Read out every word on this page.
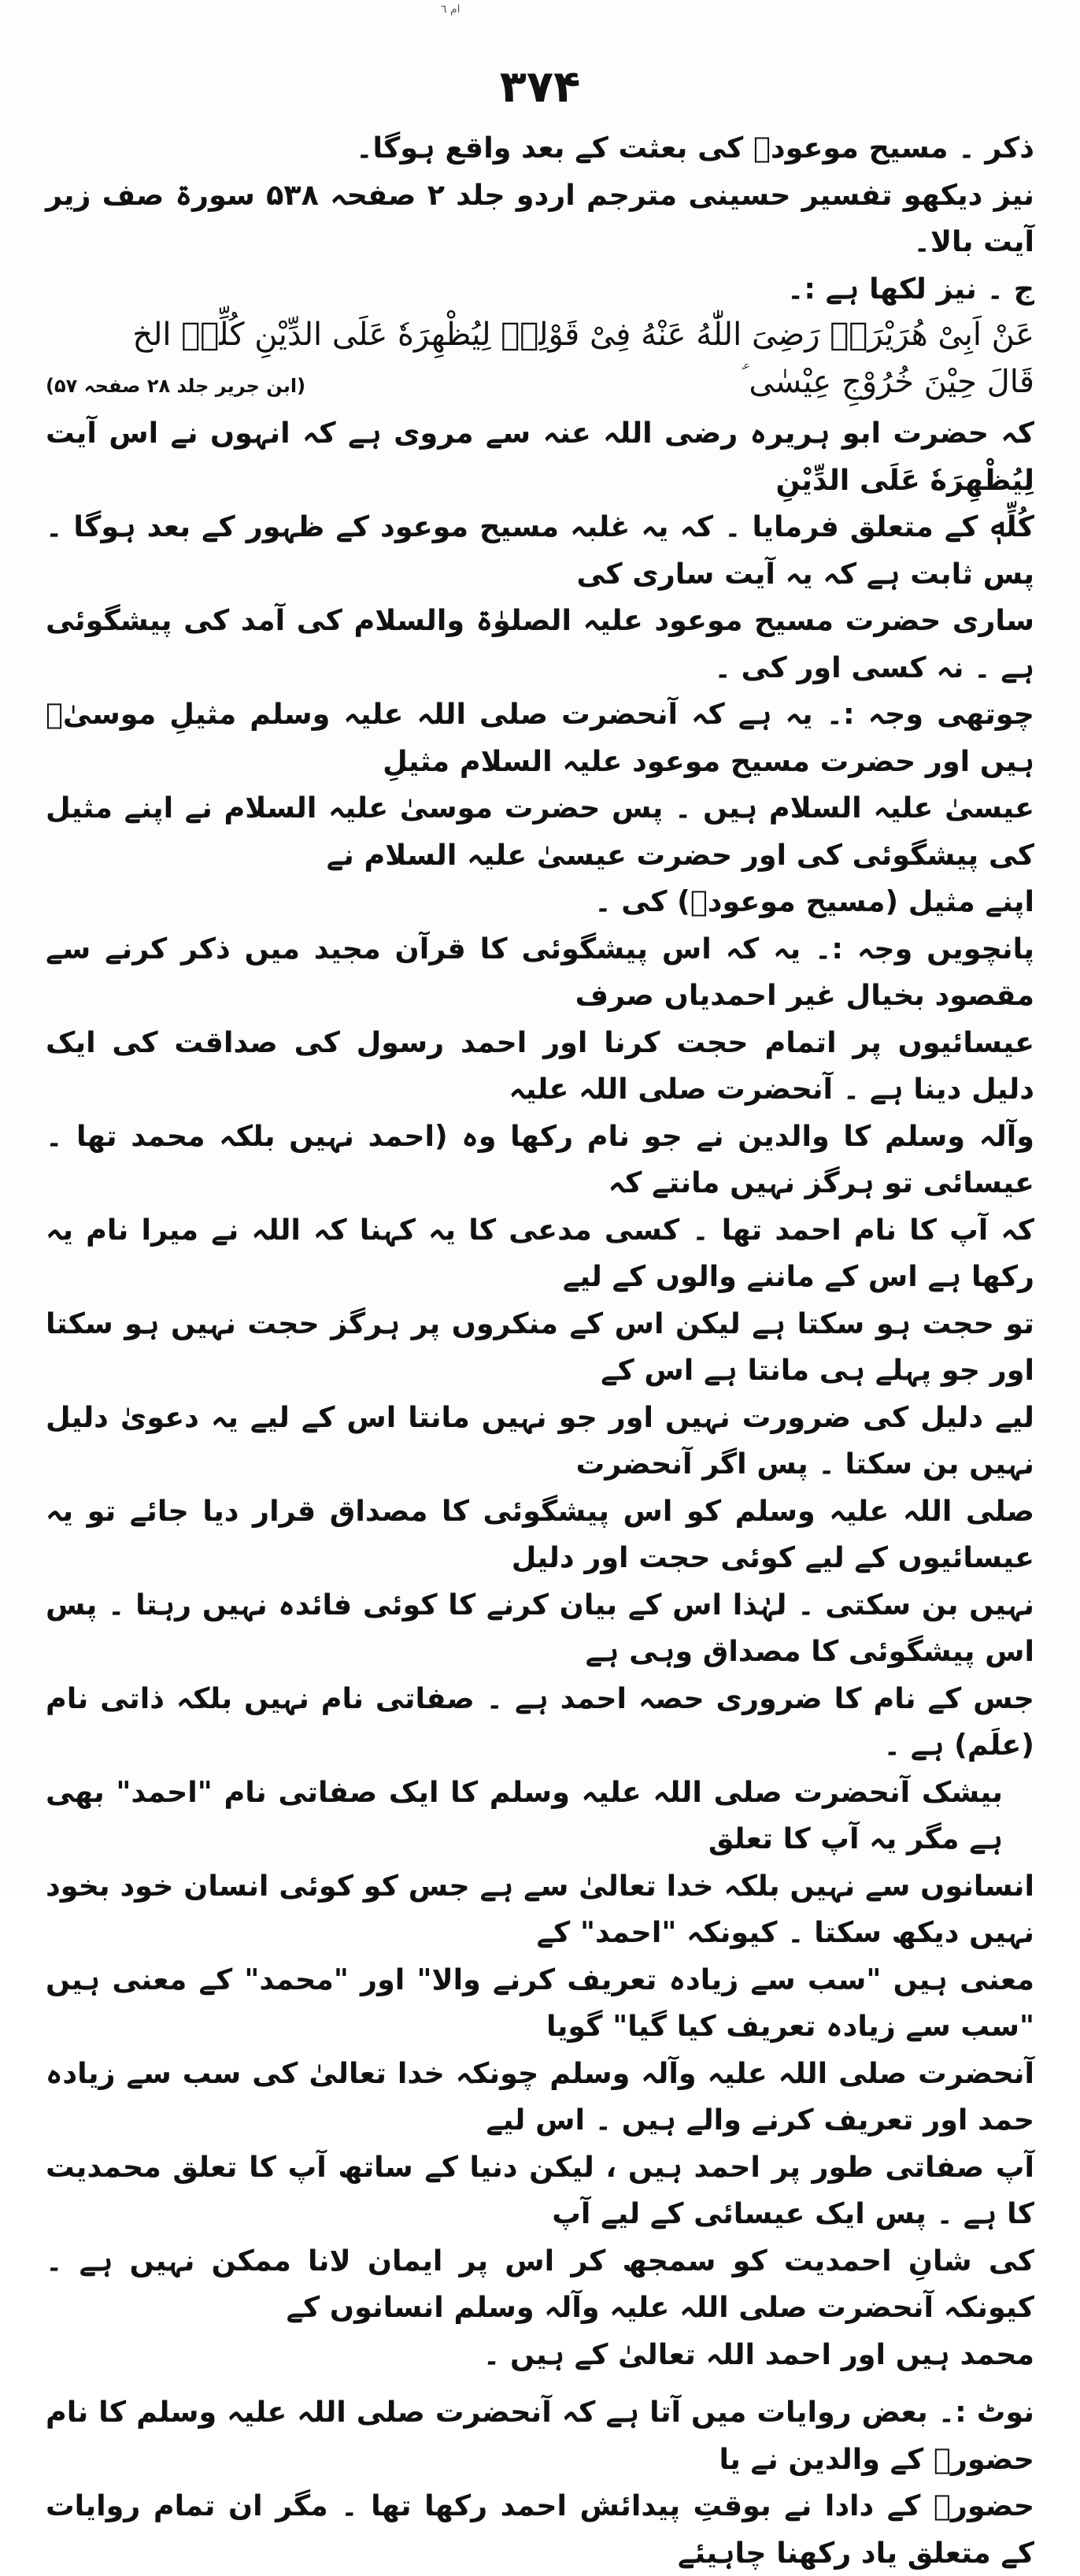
ام ٦
۳۷۴

ذکر ۔ مسیح موعودؑ کی بعثت کے بعد واقع ہوگا۔

نیز دیکھو تفسیر حسینی مترجم اردو جلد ۲ صفحہ ۵۳۸ سورۃ صف زیر آیت بالا۔

ج ۔ نیز لکھا ہے :۔

عَنْ اَبِیْ هُرَیْرَۃَ رَضِیَ اللّٰهُ عَنْهُ فِیْ قَوْلِهٖ لِیُظْهِرَهٗ عَلَی الدِّیْنِ كُلِّهٖ الخ

قَالَ حِیْنَ خُرُوْجِ عِیْسٰی ؑ
(ابن جریر جلد ۲۸ صفحہ ۵۷)

کہ حضرت ابو ہریرہ رضی اللہ عنہ سے مروی ہے کہ انہوں نے اس آیت لِیُظْهِرَهٗ عَلَی الدِّیْنِ

كُلِّهٖ کے متعلق فرمایا ۔ کہ یہ غلبہ مسیح موعود کے ظہور کے بعد ہوگا ۔ پس ثابت ہے کہ یہ آیت ساری کی

ساری حضرت مسیح موعود علیہ الصلوٰۃ والسلام کی آمد کی پیشگوئی ہے ۔ نہ کسی اور کی ۔

چوتھی وجہ :۔ یہ ہے کہ آنحضرت صلی اللہ علیہ وسلم مثیلِ موسیٰؑ ہیں اور حضرت مسیح موعود علیہ السلام مثیلِ

عیسیٰ علیہ السلام ہیں ۔ پس حضرت موسیٰ علیہ السلام نے اپنے مثیل کی پیشگوئی کی اور حضرت عیسیٰ علیہ السلام نے

اپنے مثیل (مسیح موعودؑ) کی ۔

پانچویں وجہ :۔ یہ کہ اس پیشگوئی کا قرآن مجید میں ذکر کرنے سے مقصود بخیال غیر احمدیاں صرف

عیسائیوں پر اتمام حجت کرنا اور احمد رسول کی صداقت کی ایک دلیل دینا ہے ۔ آنحضرت صلی اللہ علیہ

وآلہ وسلم کا والدین نے جو نام رکھا وہ (احمد نہیں بلکہ محمد تھا ۔ عیسائی تو ہرگز نہیں مانتے کہ

کہ آپ کا نام احمد تھا ۔ کسی مدعی کا یہ کہنا کہ اللہ نے میرا نام یہ رکھا ہے اس کے ماننے والوں کے لیے

تو حجت ہو سکتا ہے لیکن اس کے منکروں پر ہرگز حجت نہیں ہو سکتا اور جو پہلے ہی مانتا ہے اس کے

لیے دلیل کی ضرورت نہیں اور جو نہیں مانتا اس کے لیے یہ دعویٰ دلیل نہیں بن سکتا ۔ پس اگر آنحضرت

صلی اللہ علیہ وسلم کو اس پیشگوئی کا مصداق قرار دیا جائے تو یہ عیسائیوں کے لیے کوئی حجت اور دلیل

نہیں بن سکتی ۔ لہٰذا اس کے بیان کرنے کا کوئی فائدہ نہیں رہتا ۔ پس اس پیشگوئی کا مصداق وہی ہے

جس کے نام کا ضروری حصہ احمد ہے ۔ صفاتی نام نہیں بلکہ ذاتی نام (علَم) ہے ۔

بیشک آنحضرت صلی اللہ علیہ وسلم کا ایک صفاتی نام "احمد" بھی ہے مگر یہ آپ کا تعلق

انسانوں سے نہیں بلکہ خدا تعالیٰ سے ہے جس کو کوئی انسان خود بخود نہیں دیکھ سکتا ۔ کیونکہ "احمد" کے

معنی ہیں "سب سے زیادہ تعریف کرنے والا" اور "محمد" کے معنی ہیں "سب سے زیادہ تعریف کیا گیا" گویا

آنحضرت صلی اللہ علیہ وآلہ وسلم چونکہ خدا تعالیٰ کی سب سے زیادہ حمد اور تعریف کرنے والے ہیں ۔ اس لیے

آپ صفاتی طور پر احمد ہیں ، لیکن دنیا کے ساتھ آپ کا تعلق محمدیت کا ہے ۔ پس ایک عیسائی کے لیے آپ

کی شانِ احمدیت کو سمجھ کر اس پر ایمان لانا ممکن نہیں ہے ۔ کیونکہ آنحضرت صلی اللہ علیہ وآلہ وسلم انسانوں کے

محمد ہیں اور احمد اللہ تعالیٰ کے ہیں ۔

نوٹ :۔ بعض روایات میں آتا ہے کہ آنحضرت صلی اللہ علیہ وسلم کا نام حضورؐ کے والدین نے یا

حضورؐ کے دادا نے بوقتِ پیدائش احمد رکھا تھا ۔ مگر ان تمام روایات کے متعلق یاد رکھنا چاہیئے
